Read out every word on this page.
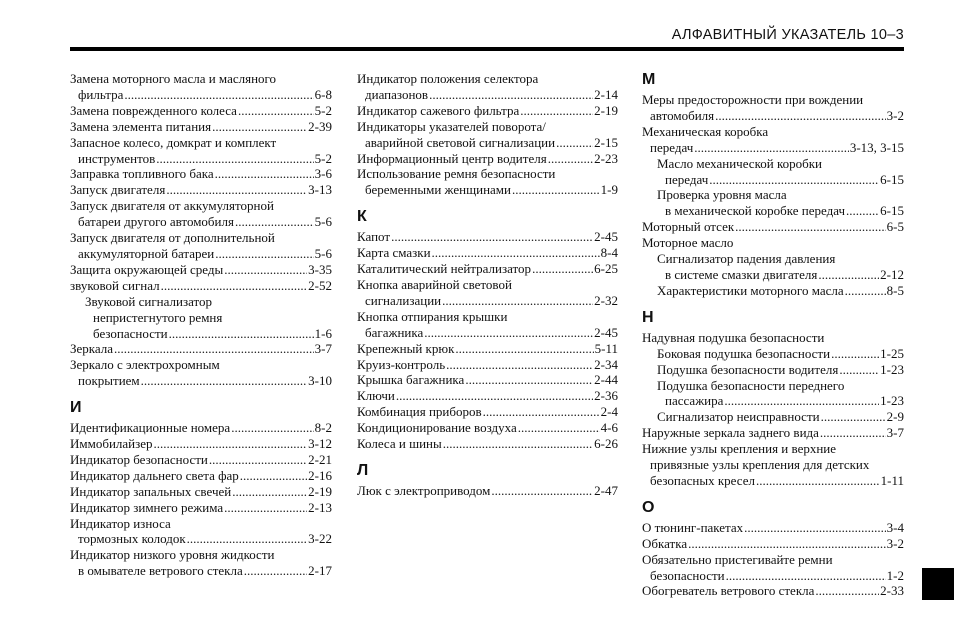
АЛФАВИТНЫЙ УКАЗАТЕЛЬ 10–3
Замена моторного масла и масляного
фильтра .....	6-8
Замена поврежденного колеса .....	5-2
Замена элемента питания .....	2-39
Запасное колесо, домкрат и комплект
инструментов .....	5-2
Заправка топливного бака .....	3-6
Запуск двигателя .....	3-13
Запуск двигателя от аккумуляторной
батареи другого автомобиля .....	5-6
Запуск двигателя от дополнительной
аккумуляторной батареи .....	5-6
Защита окружающей среды .....	3-35
звуковой сигнал .....	2-52
Звуковой сигнализатор
непристегнутого ремня
безопасности .....	1-6
Зеркала .....	3-7
Зеркало с электрохромным
покрытием .....	3-10
И
Идентификационные номера .....	8-2
Иммобилайзер .....	3-12
Индикатор безопасности .....	2-21
Индикатор дальнего света фар .....	2-16
Индикатор запальных свечей .....	2-19
Индикатор зимнего режима .....	2-13
Индикатор износа
тормозных колодок .....	3-22
Индикатор низкого уровня жидкости
в омывателе ветрового стекла .....	2-17
Индикатор положения селектора
диапазонов .....	2-14
Индикатор сажевого фильтра .....	2-19
Индикаторы указателей поворота/
аварийной световой сигнализации .....	2-15
Информационный центр водителя .....	2-23
Использование ремня безопасности
беременными женщинами .....	1-9
К
Капот .....	2-45
Карта смазки .....	8-4
Каталитический нейтрализатор .....	6-25
Кнопка аварийной световой
сигнализации .....	2-32
Кнопка отпирания крышки
багажника .....	2-45
Крепежный крюк .....	5-11
Круиз-контроль .....	2-34
Крышка багажника .....	2-44
Ключи .....	2-36
Комбинация приборов .....	2-4
Кондиционирование воздуха .....	4-6
Колеса и шины .....	6-26
Л
Люк с электроприводом .....	2-47
М
Меры предосторожности при вождении
автомобиля .....	3-2
Механическая коробка
передач .....	3-13, 3-15
Масло механической коробки
передач .....	6-15
Проверка уровня масла
в механической коробке передач .....	6-15
Моторный отсек .....	6-5
Моторное масло
Сигнализатор падения давления
в системе смазки двигателя .....	2-12
Характеристики моторного масла .....	8-5
Н
Надувная подушка безопасности
Боковая подушка безопасности .....	1-25
Подушка безопасности водителя .....	1-23
Подушка безопасности переднего
пассажира .....	1-23
Сигнализатор неисправности .....	2-9
Наружные зеркала заднего вида .....	3-7
Нижние узлы крепления и верхние
привязные узлы крепления для детских
безопасных кресел .....	1-11
О
О тюнинг-пакетах .....	3-4
Обкатка .....	3-2
Обязательно пристегивайте ремни
безопасности .....	1-2
Обогреватель ветрового стекла .....	2-33
